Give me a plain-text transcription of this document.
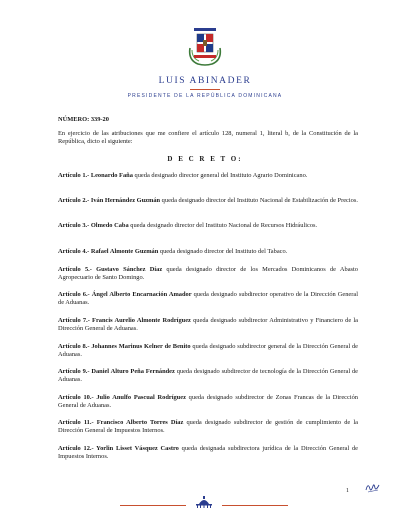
LUIS ABINADER
PRESIDENTE DE LA REPÚBLICA DOMINICANA
NÚMERO: 339-20
En ejercicio de las atribuciones que me confiere el artículo 128, numeral 1, literal b, de la Constitución de la República, dicto el siguiente:
D E C R E T O:
Artículo 1.- Leonardo Faña queda designado director general del Instituto Agrario Dominicano.
Artículo 2.- Iván Hernández Guzmán queda designado director del Instituto Nacional de Estabilización de Precios.
Artículo 3.- Olmedo Caba queda designado director del Instituto Nacional de Recursos Hidráulicos.
Artículo 4.- Rafael Almonte Guzmán queda designado director del Instituto del Tabaco.
Artículo 5.- Gustavo Sánchez Díaz queda designado director de los Mercados Dominicanos de Abasto Agropecuario de Santo Domingo.
Artículo 6.- Ángel Alberto Encarnación Amador queda designado subdirector operativo de la Dirección General de Aduanas.
Artículo 7.- Francis Aurelio Almonte Rodríguez queda designado subdirector Administrativo y Financiero de la Dirección General de Aduanas.
Artículo 8.- Johannes Marinus Kelner de Benito queda designado subdirector general de la Dirección General de Aduanas.
Artículo 9.- Daniel Alturo Peña Fernández queda designado subdirector de tecnología de la Dirección General de Aduanas.
Artículo 10.- Julio Anulfo Pascual Rodríguez queda designado subdirector de Zonas Francas de la Dirección General de Aduanas.
Artículo 11.- Francisco Alberto Torres Díaz queda designado subdirector de gestión de cumplimiento de la Dirección General de Impuestos Internos.
Artículo 12.- Yorlin Lisset Vásquez Castro queda designada subdirectora jurídica de la Dirección General de Impuestos Internos.
1
